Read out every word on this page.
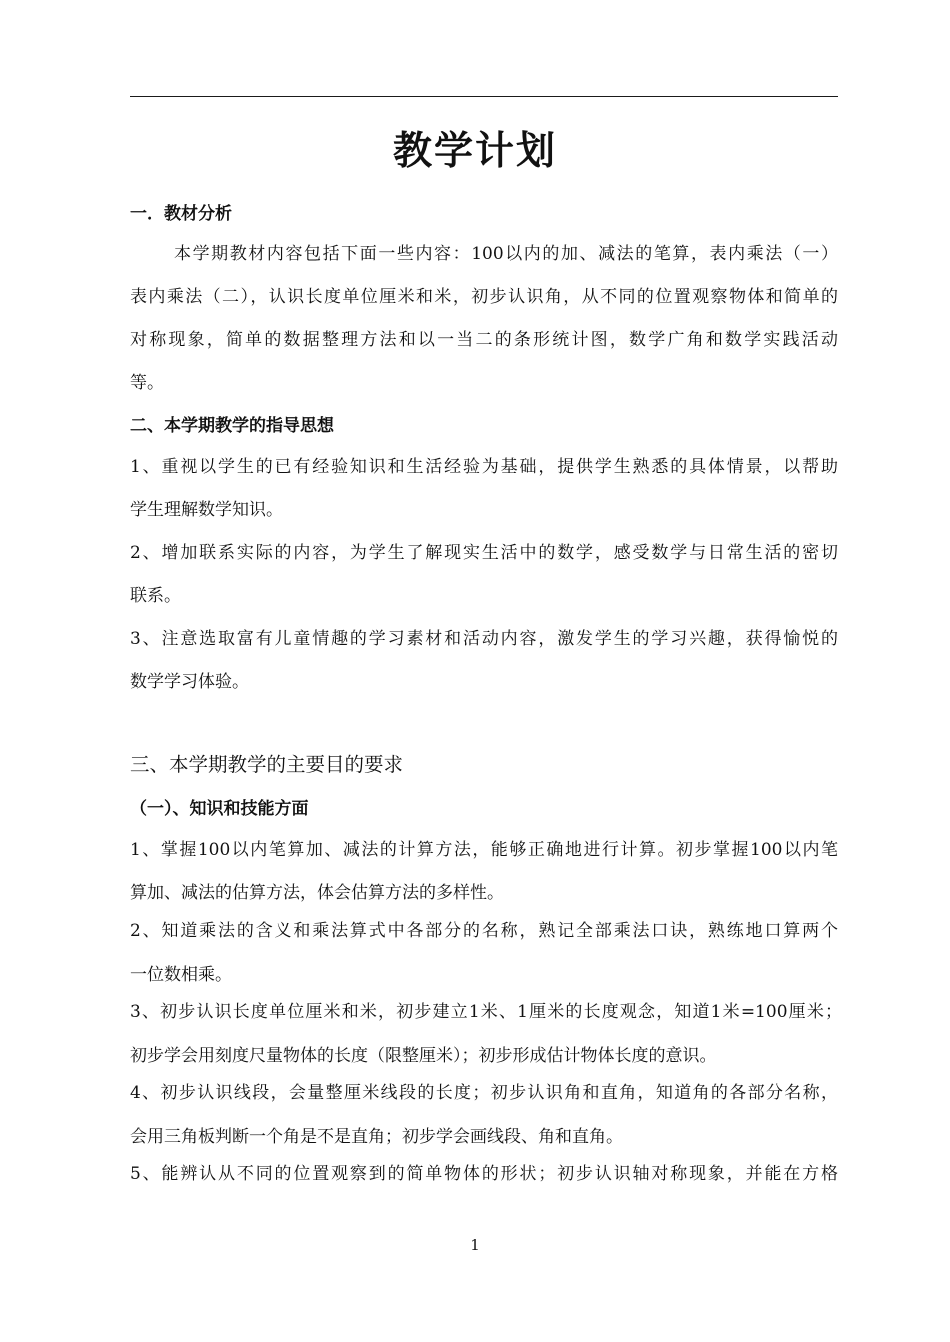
教学计划
一．教材分析
本学期教材内容包括下面一些内容：100以内的加、减法的笔算，表内乘法（一）
表内乘法（二），认识长度单位厘米和米，初步认识角，从不同的位置观察物体和简单的
对称现象，简单的数据整理方法和以一当二的条形统计图，数学广角和数学实践活动
等。
二、本学期教学的指导思想
1、重视以学生的已有经验知识和生活经验为基础，提供学生熟悉的具体情景，以帮助
学生理解数学知识。
2、增加联系实际的内容，为学生了解现实生活中的数学，感受数学与日常生活的密切
联系。
3、注意选取富有儿童情趣的学习素材和活动内容，激发学生的学习兴趣，获得愉悦的
数学学习体验。
三、本学期教学的主要目的要求
（一）、知识和技能方面
1、掌握100以内笔算加、减法的计算方法，能够正确地进行计算。初步掌握100以内笔
算加、减法的估算方法，体会估算方法的多样性。
2、知道乘法的含义和乘法算式中各部分的名称，熟记全部乘法口诀，熟练地口算两个
一位数相乘。
3、初步认识长度单位厘米和米，初步建立1米、1厘米的长度观念，知道1米=100厘米；
初步学会用刻度尺量物体的长度（限整厘米）；初步形成估计物体长度的意识。
4、初步认识线段，会量整厘米线段的长度；初步认识角和直角，知道角的各部分名称，
会用三角板判断一个角是不是直角；初步学会画线段、角和直角。
5、能辨认从不同的位置观察到的简单物体的形状；初步认识轴对称现象，并能在方格
1
